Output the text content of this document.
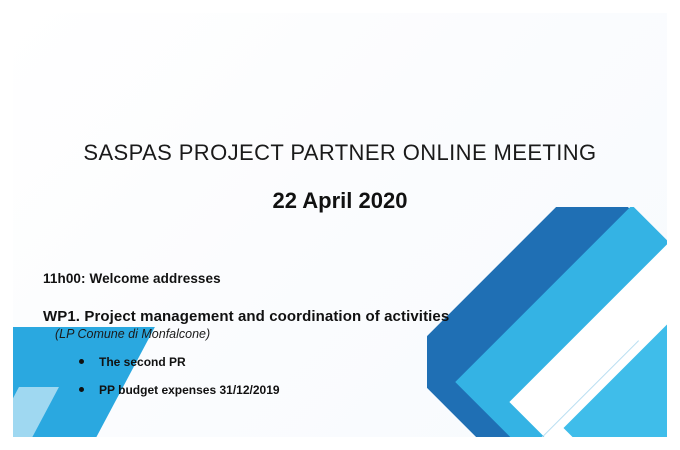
SASPAS PROJECT PARTNER ONLINE MEETING
22 April 2020

11h00: Welcome addresses

WP1. Project management and coordination of activities

(LP Comune di Monfalcone)

The second PR
PP budget expenses 31/12/2019
